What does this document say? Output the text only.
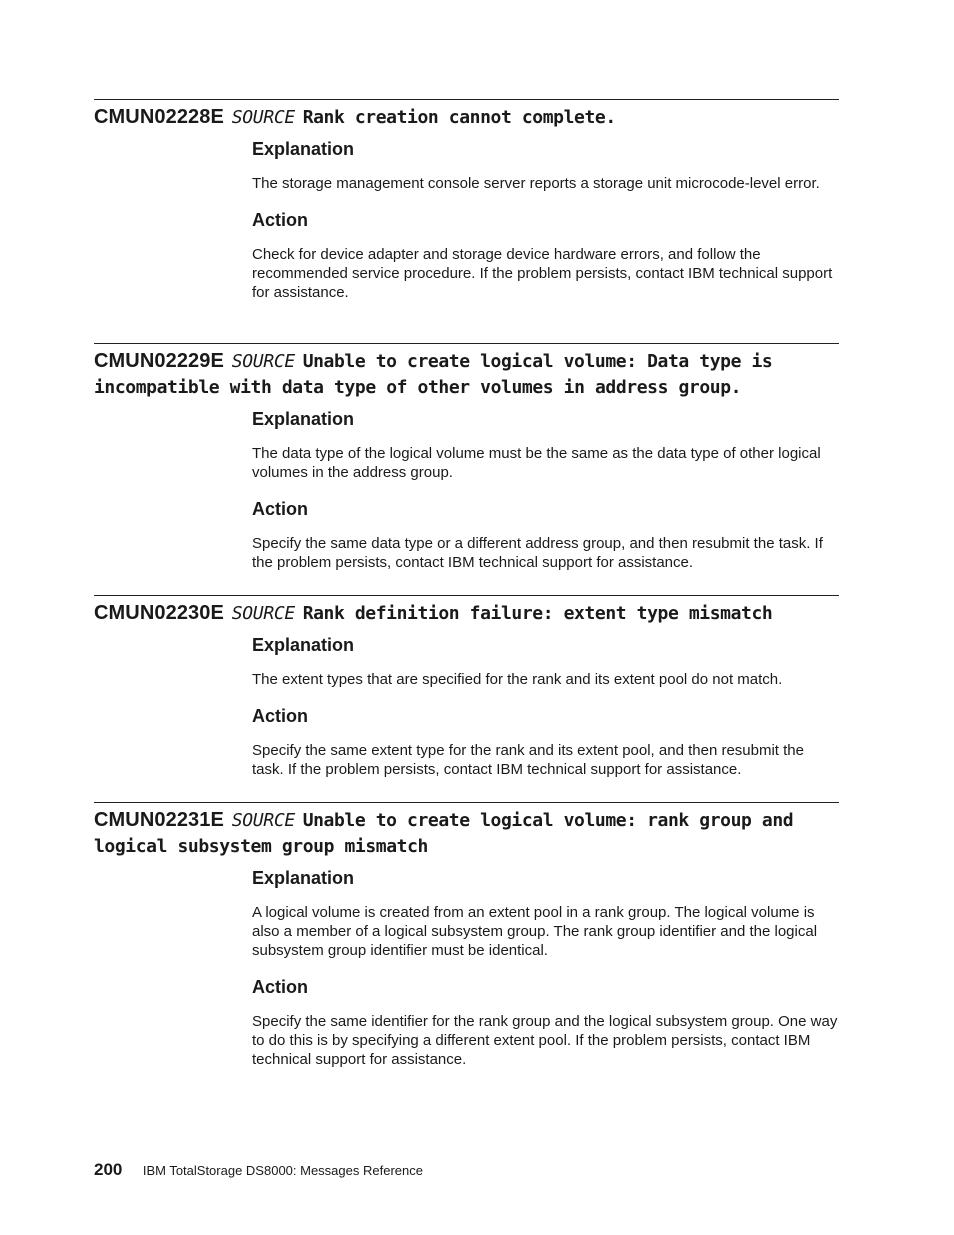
CMUN02228E SOURCE Rank creation cannot complete.
Explanation

The storage management console server reports a storage unit microcode-level error.

Action

Check for device adapter and storage device hardware errors, and follow the recommended service procedure. If the problem persists, contact IBM technical support for assistance.

CMUN02229E SOURCE Unable to create logical volume: Data type is incompatible with data type of other volumes in address group.
Explanation

The data type of the logical volume must be the same as the data type of other logical volumes in the address group.

Action

Specify the same data type or a different address group, and then resubmit the task. If the problem persists, contact IBM technical support for assistance.

CMUN02230E SOURCE Rank definition failure: extent type mismatch
Explanation

The extent types that are specified for the rank and its extent pool do not match.

Action

Specify the same extent type for the rank and its extent pool, and then resubmit the task. If the problem persists, contact IBM technical support for assistance.

CMUN02231E SOURCE Unable to create logical volume: rank group and logical subsystem group mismatch
Explanation

A logical volume is created from an extent pool in a rank group. The logical volume is also a member of a logical subsystem group. The rank group identifier and the logical subsystem group identifier must be identical.

Action

Specify the same identifier for the rank group and the logical subsystem group. One way to do this is by specifying a different extent pool. If the problem persists, contact IBM technical support for assistance.

200 IBM TotalStorage DS8000: Messages Reference
